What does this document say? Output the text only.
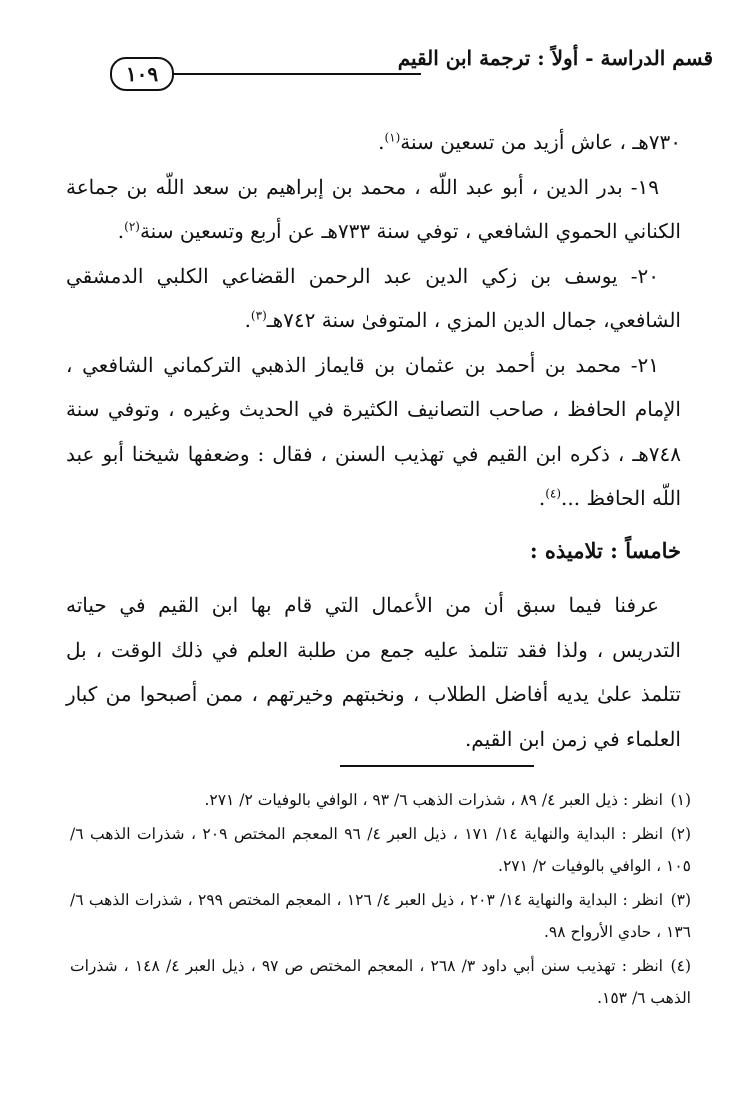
قسم الدراسة - أولاً : ترجمة ابن القيم
١٠٩

٧٣٠هـ ، عاش أزيد من تسعين سنة$^{(١)}$.

١٩- بدر الدين ، أبو عبد اللّه ، محمد بن إبراهيم بن سعد اللّه بن جماعة الكناني الحموي الشافعي ، توفي سنة ٧٣٣هـ عن أربع وتسعين سنة$^{(٢)}$.

٢٠- يوسف بن زكي الدين عبد الرحمن القضاعي الكلبي الدمشقي الشافعي، جمال الدين المزي ، المتوفىٰ سنة ٧٤٢هـ$^{(٣)}$.

٢١- محمد بن أحمد بن عثمان بن قايماز الذهبي التركماني الشافعي ، الإمام الحافظ ، صاحب التصانيف الكثيرة في الحديث وغيره ، وتوفي سنة ٧٤٨هـ ، ذكره ابن القيم في تهذيب السنن ، فقال : وضعفها شيخنا أبو عبد اللّه الحافظ ...$^{(٤)}$.

خامساً : تلاميذه :

عرفنا فيما سبق أن من الأعمال التي قام بها ابن القيم في حياته التدريس ، ولذا فقد تتلمذ عليه جمع من طلبة العلم في ذلك الوقت ، بل تتلمذ علىٰ يديه أفاضل الطلاب ، ونخبتهم وخيرتهم ، ممن أصبحوا من كبار العلماء في زمن ابن القيم.

(١)انظر : ذيل العبر ٤/ ٨٩ ، شذرات الذهب ٦/ ٩٣ ، الوافي بالوفيات ٢/ ٢٧١.

(٢)انظر : البداية والنهاية ١٤/ ١٧١ ، ذيل العبر ٤/ ٩٦ المعجم المختص ٢٠٩ ، شذرات الذهب ٦/ ١٠٥ ، الوافي بالوفيات ٢/ ٢٧١.

(٣)انظر : البداية والنهاية ١٤/ ٢٠٣ ، ذيل العبر ٤/ ١٢٦ ، المعجم المختص ٢٩٩ ، شذرات الذهب ٦/ ١٣٦ ، حادي الأرواح ٩٨.

(٤)انظر : تهذيب سنن أبي داود ٣/ ٢٦٨ ، المعجم المختص ص ٩٧ ، ذيل العبر ٤/ ١٤٨ ، شذرات الذهب ٦/ ١٥٣.
